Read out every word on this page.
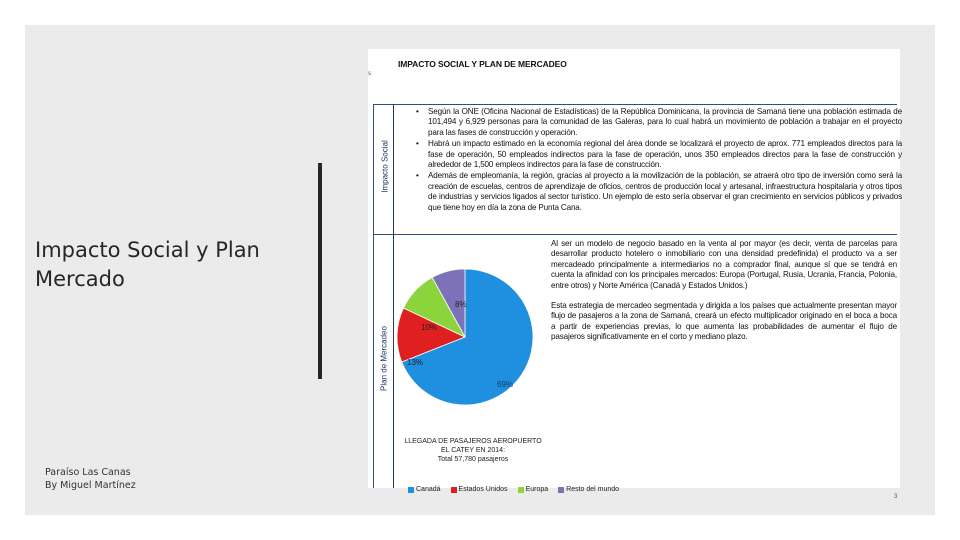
Impacto Social y Plan Mercado
Paraíso Las Canas
By Miguel Martínez
IMPACTO SOCIAL Y PLAN DE MERCADEO
s
Impacto Social
Plan de Mercadeo
• Según la ONE (Oficina Nacional de Estadísticas) de la República Dominicana, la provincia de Samaná tiene una población estimada de 101,494 y 6,929 personas para la comunidad de las Galeras, para lo cual habrá un movimiento de población a trabajar en el proyecto para las fases de construcción y operación.
• Habrá un impacto estimado en la economía regional del área donde se localizará el proyecto de aprox. 771 empleados directos para la fase de operación, 50 empleados indirectos para la fase de operación, unos 350 empleados directos para la fase de construcción y alrededor de 1,500 empleos indirectos para la fase de construcción.
• Además de empleomanía, la región, gracias al proyecto a la movilización de la población, se atraerá otro tipo de inversión como será la creación de escuelas, centros de aprendizaje de oficios, centros de producción local y artesanal, infraestructura hospitalaria y otros tipos de industrias y servicios ligados al sector turístico. Un ejemplo de esto sería observar el gran crecimiento en servicios públicos y privados que tiene hoy en día la zona de Punta Cana.
69%
13%
10%
8%

Al ser un modelo de negocio basado en la venta al por mayor (es decir, venta de parcelas para desarrollar producto hotelero o inmobiliario con una densidad predefinida) el producto va a ser mercadeado principalmente a intermediarios no a comprador final, aunque sí que se tendrá en cuenta la afinidad con los principales mercados: Europa (Portugal, Rusia, Ucrania, Francia, Polonia, entre otros) y Norte América (Canadá y Estados Unidos.)

Esta estrategia de mercadeo segmentada y dirigida a los países que actualmente presentan mayor flujo de pasajeros a la zona de Samaná, creará un efecto multiplicador originado en el boca a boca a partir de experiencias previas, lo que aumenta las probabilidades de aumentar el flujo de pasajeros significativamente en el corto y mediano plazo.

LLEGADA DE PASAJEROS AEROPUERTO
EL CATEY EN 2014:
Total 57,780 pasajeros
Canadá	Estados Unidos	Europa	Resto del mundo
3
